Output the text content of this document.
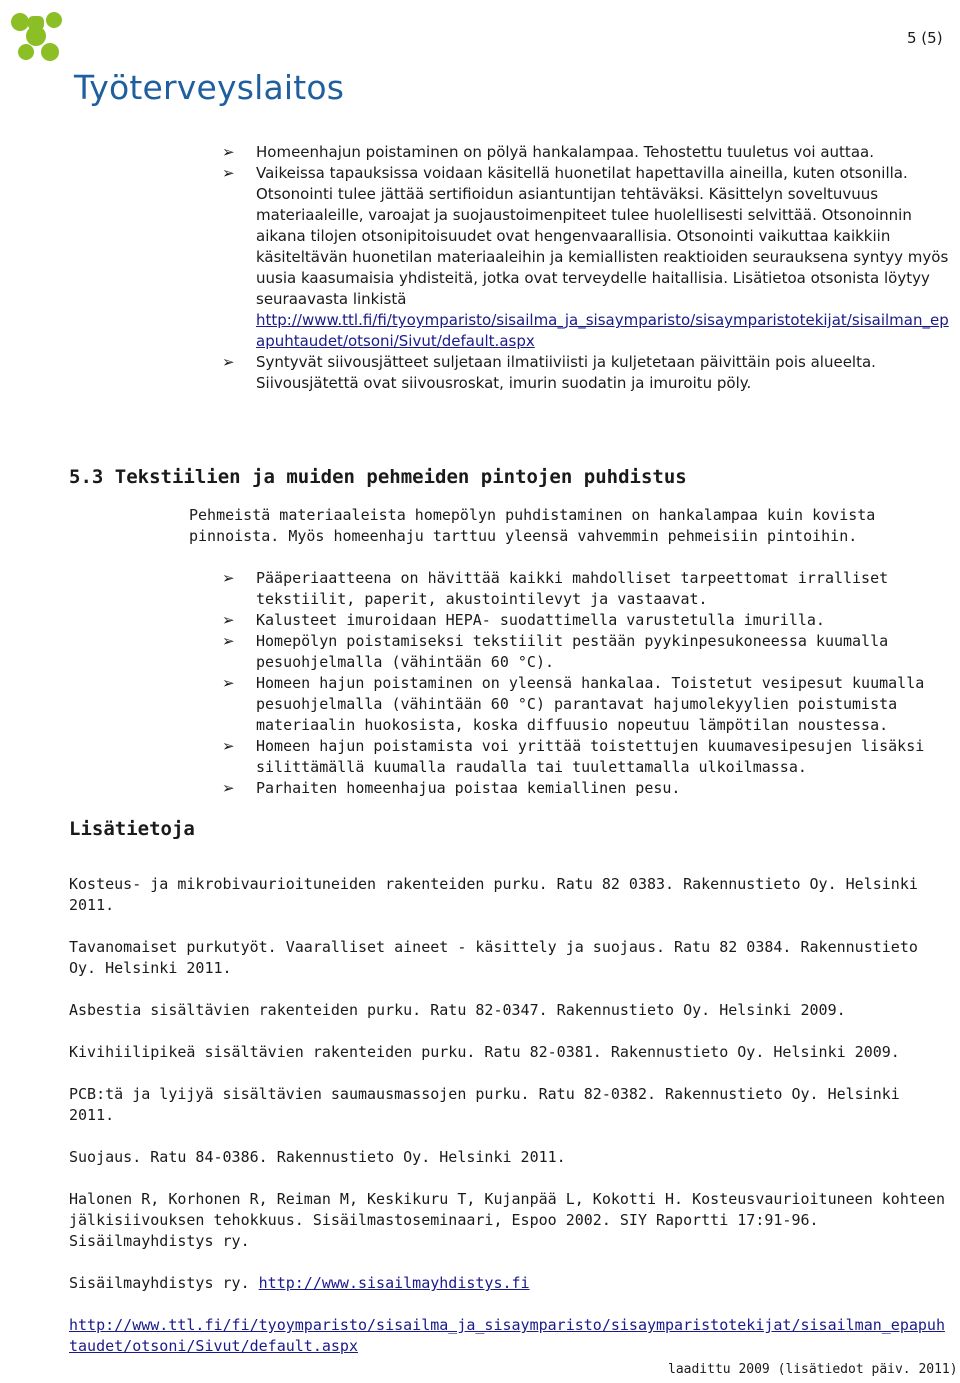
Työterveyslaitos
5 (5)
➢ Homeenhajun poistaminen on pölyä hankalampaa. Tehostettu tuuletus voi auttaa.
➢ Vaikeissa tapauksissa voidaan käsitellä huonetilat hapettavilla aineilla, kuten otsonilla. Otsonointi tulee jättää sertifioidun asiantuntijan tehtäväksi. Käsittelyn soveltuvuus materiaaleille, varoajat ja suojaustoimenpiteet tulee huolellisesti selvittää. Otsonoinnin aikana tilojen otsonipitoisuudet ovat hengenvaarallisia. Otsonointi vaikuttaa kaikkiin käsiteltävän huonetilan materiaaleihin ja kemiallisten reaktioiden seurauksena syntyy myös uusia kaasumaisia yhdisteitä, jotka ovat terveydelle haitallisia. Lisätietoa otsonista löytyy seuraavasta linkistä
http://www.ttl.fi/fi/tyoymparisto/sisailma_ja_sisaymparisto/sisaymparistotekijat/sisailman_epapuhtaudet/otsoni/Sivut/default.aspx
➢ Syntyvät siivousjätteet suljetaan ilmatiiviisti ja kuljetetaan päivittäin pois alueelta. Siivousjätettä ovat siivousroskat, imurin suodatin ja imuroitu pöly.
5.3 Tekstiilien ja muiden pehmeiden pintojen puhdistus
Pehmeistä materiaaleista homepölyn puhdistaminen on hankalampaa kuin kovista pinnoista. Myös homeenhaju tarttuu yleensä vahvemmin pehmeisiin pintoihin.
➢ Pääperiaatteena on hävittää kaikki mahdolliset tarpeettomat irralliset tekstiilit, paperit, akustointilevyt ja vastaavat.
➢ Kalusteet imuroidaan HEPA- suodattimella varustetulla imurilla.
➢ Homepölyn poistamiseksi tekstiilit pestään pyykinpesukoneessa kuumalla pesuohjelmalla (vähintään 60 °C).
➢ Homeen hajun poistaminen on yleensä hankalaa. Toistetut vesipesut kuumalla pesuohjelmalla (vähintään 60 °C) parantavat hajumolekyylien poistumista materiaalin huokosista, koska diffuusio nopeutuu lämpötilan noustessa.
➢ Homeen hajun poistamista voi yrittää toistettujen kuumavesipesujen lisäksi silittämällä kuumalla raudalla tai tuulettamalla ulkoilmassa.
➢ Parhaiten homeenhajua poistaa kemiallinen pesu.
Lisätietoja

Kosteus- ja mikrobivaurioituneiden rakenteiden purku. Ratu 82 0383. Rakennustieto Oy. Helsinki 2011.

Tavanomaiset purkutyöt. Vaaralliset aineet - käsittely ja suojaus. Ratu 82 0384. Rakennustieto Oy. Helsinki 2011.

Asbestia sisältävien rakenteiden purku. Ratu 82-0347. Rakennustieto Oy. Helsinki 2009.

Kivihiilipikeä sisältävien rakenteiden purku. Ratu 82-0381. Rakennustieto Oy. Helsinki 2009.

PCB:tä ja lyijyä sisältävien saumausmassojen purku. Ratu 82-0382. Rakennustieto Oy. Helsinki 2011.

Suojaus. Ratu 84-0386. Rakennustieto Oy. Helsinki 2011.

Halonen R, Korhonen R, Reiman M, Keskikuru T, Kujanpää L, Kokotti H. Kosteusvaurioituneen kohteen jälkisiivouksen tehokkuus. Sisäilmastoseminaari, Espoo 2002. SIY Raportti 17:91-96. Sisäilmayhdistys ry.

Sisäilmayhdistys ry. http://www.sisailmayhdistys.fi

http://www.ttl.fi/fi/tyoymparisto/sisailma_ja_sisaymparisto/sisaymparistotekijat/sisailman_epapuhtaudet/otsoni/Sivut/default.aspx

laadittu 2009 (lisätiedot päiv. 2011)
